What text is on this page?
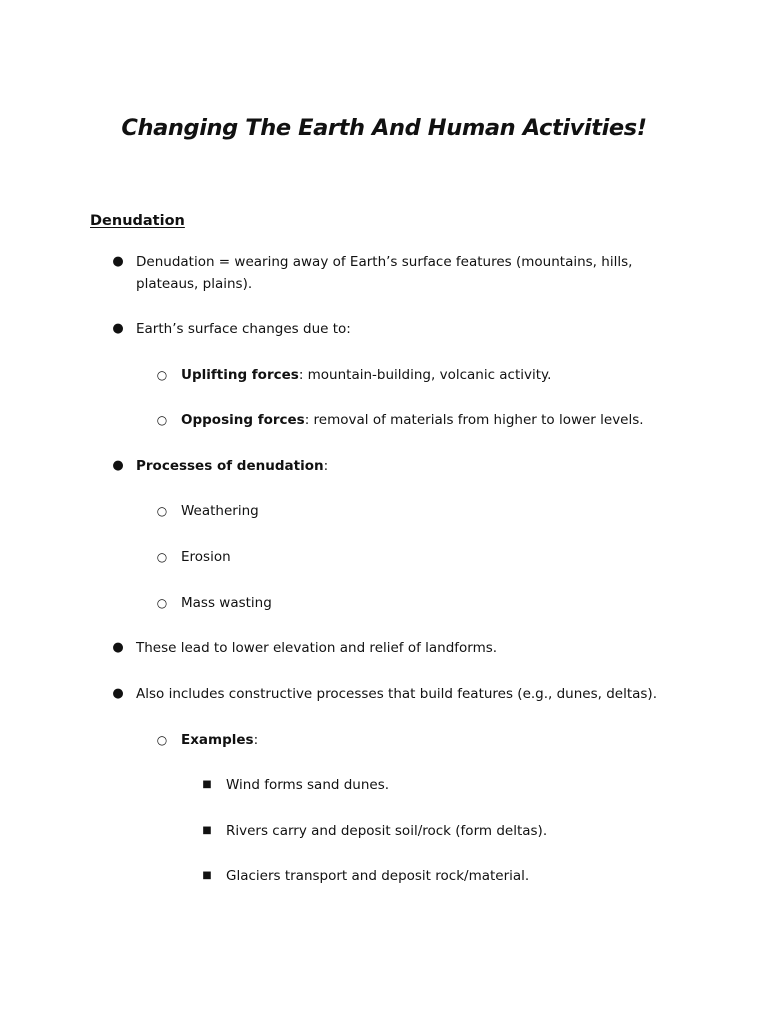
Changing The Earth And Human Activities!
Denudation
● Denudation = wearing away of Earth’s surface features (mountains, hills, plateaus, plains).
● Earth’s surface changes due to:
○ Uplifting forces: mountain-building, volcanic activity.
○ Opposing forces: removal of materials from higher to lower levels.
● Processes of denudation:
○ Weathering
○ Erosion
○ Mass wasting
● These lead to lower elevation and relief of landforms.
● Also includes constructive processes that build features (e.g., dunes, deltas).
○ Examples:
■ Wind forms sand dunes.
■ Rivers carry and deposit soil/rock (form deltas).
■ Glaciers transport and deposit rock/material.
